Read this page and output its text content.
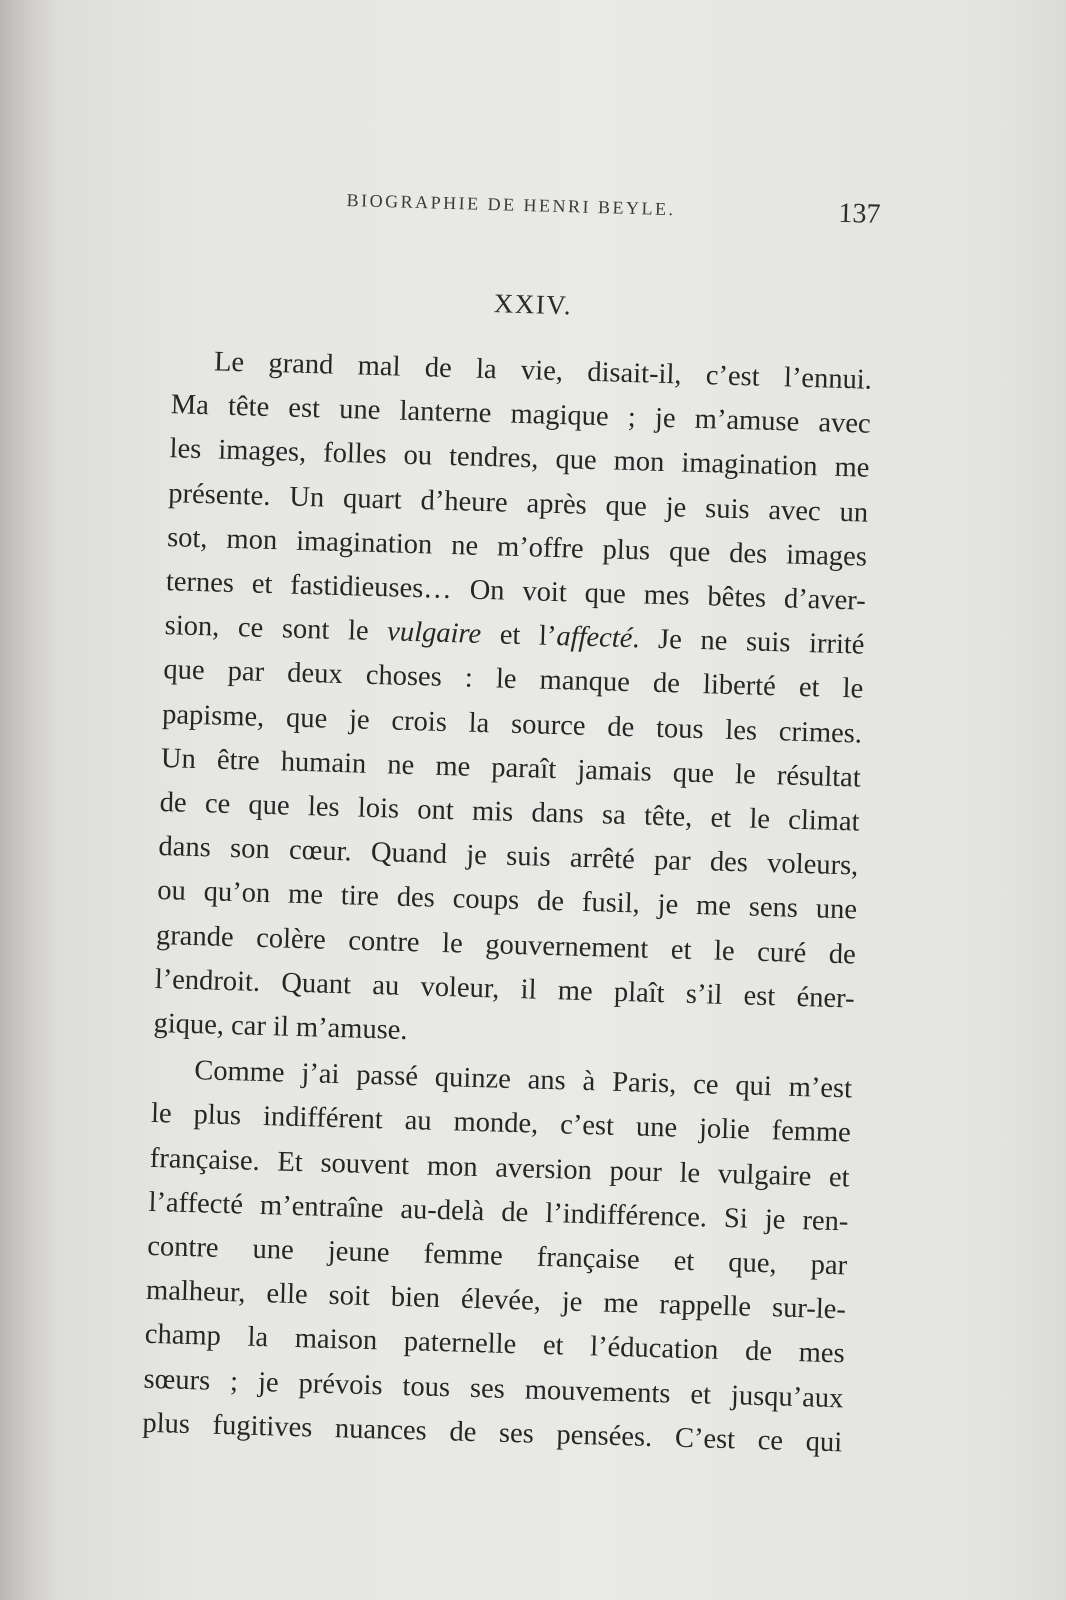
BIOGRAPHIE DE HENRI BEYLE.	137
XXIV.
Le grand mal de la vie, disait-il, c’est l’ennui.
Ma tête est une lanterne magique ; je m’amuse avec
les images, folles ou tendres, que mon imagination me
présente. Un quart d’heure après que je suis avec un
sot, mon imagination ne m’offre plus que des images
ternes et fastidieuses… On voit que mes bêtes d’aver-
sion, ce sont le vulgaire et l’affecté. Je ne suis irrité
que par deux choses : le manque de liberté et le
papisme, que je crois la source de tous les crimes.
Un être humain ne me paraît jamais que le résultat
de ce que les lois ont mis dans sa tête, et le climat
dans son cœur. Quand je suis arrêté par des voleurs,
ou qu’on me tire des coups de fusil, je me sens une
grande colère contre le gouvernement et le curé de
l’endroit. Quant au voleur, il me plaît s’il est éner-
gique, car il m’amuse.
Comme j’ai passé quinze ans à Paris, ce qui m’est
le plus indifférent au monde, c’est une jolie femme
française. Et souvent mon aversion pour le vulgaire et
l’affecté m’entraîne au-delà de l’indifférence. Si je ren-
contre une jeune femme française et que, par
malheur, elle soit bien élevée, je me rappelle sur-le-
champ la maison paternelle et l’éducation de mes
sœurs ; je prévois tous ses mouvements et jusqu’aux
plus fugitives nuances de ses pensées. C’est ce qui
